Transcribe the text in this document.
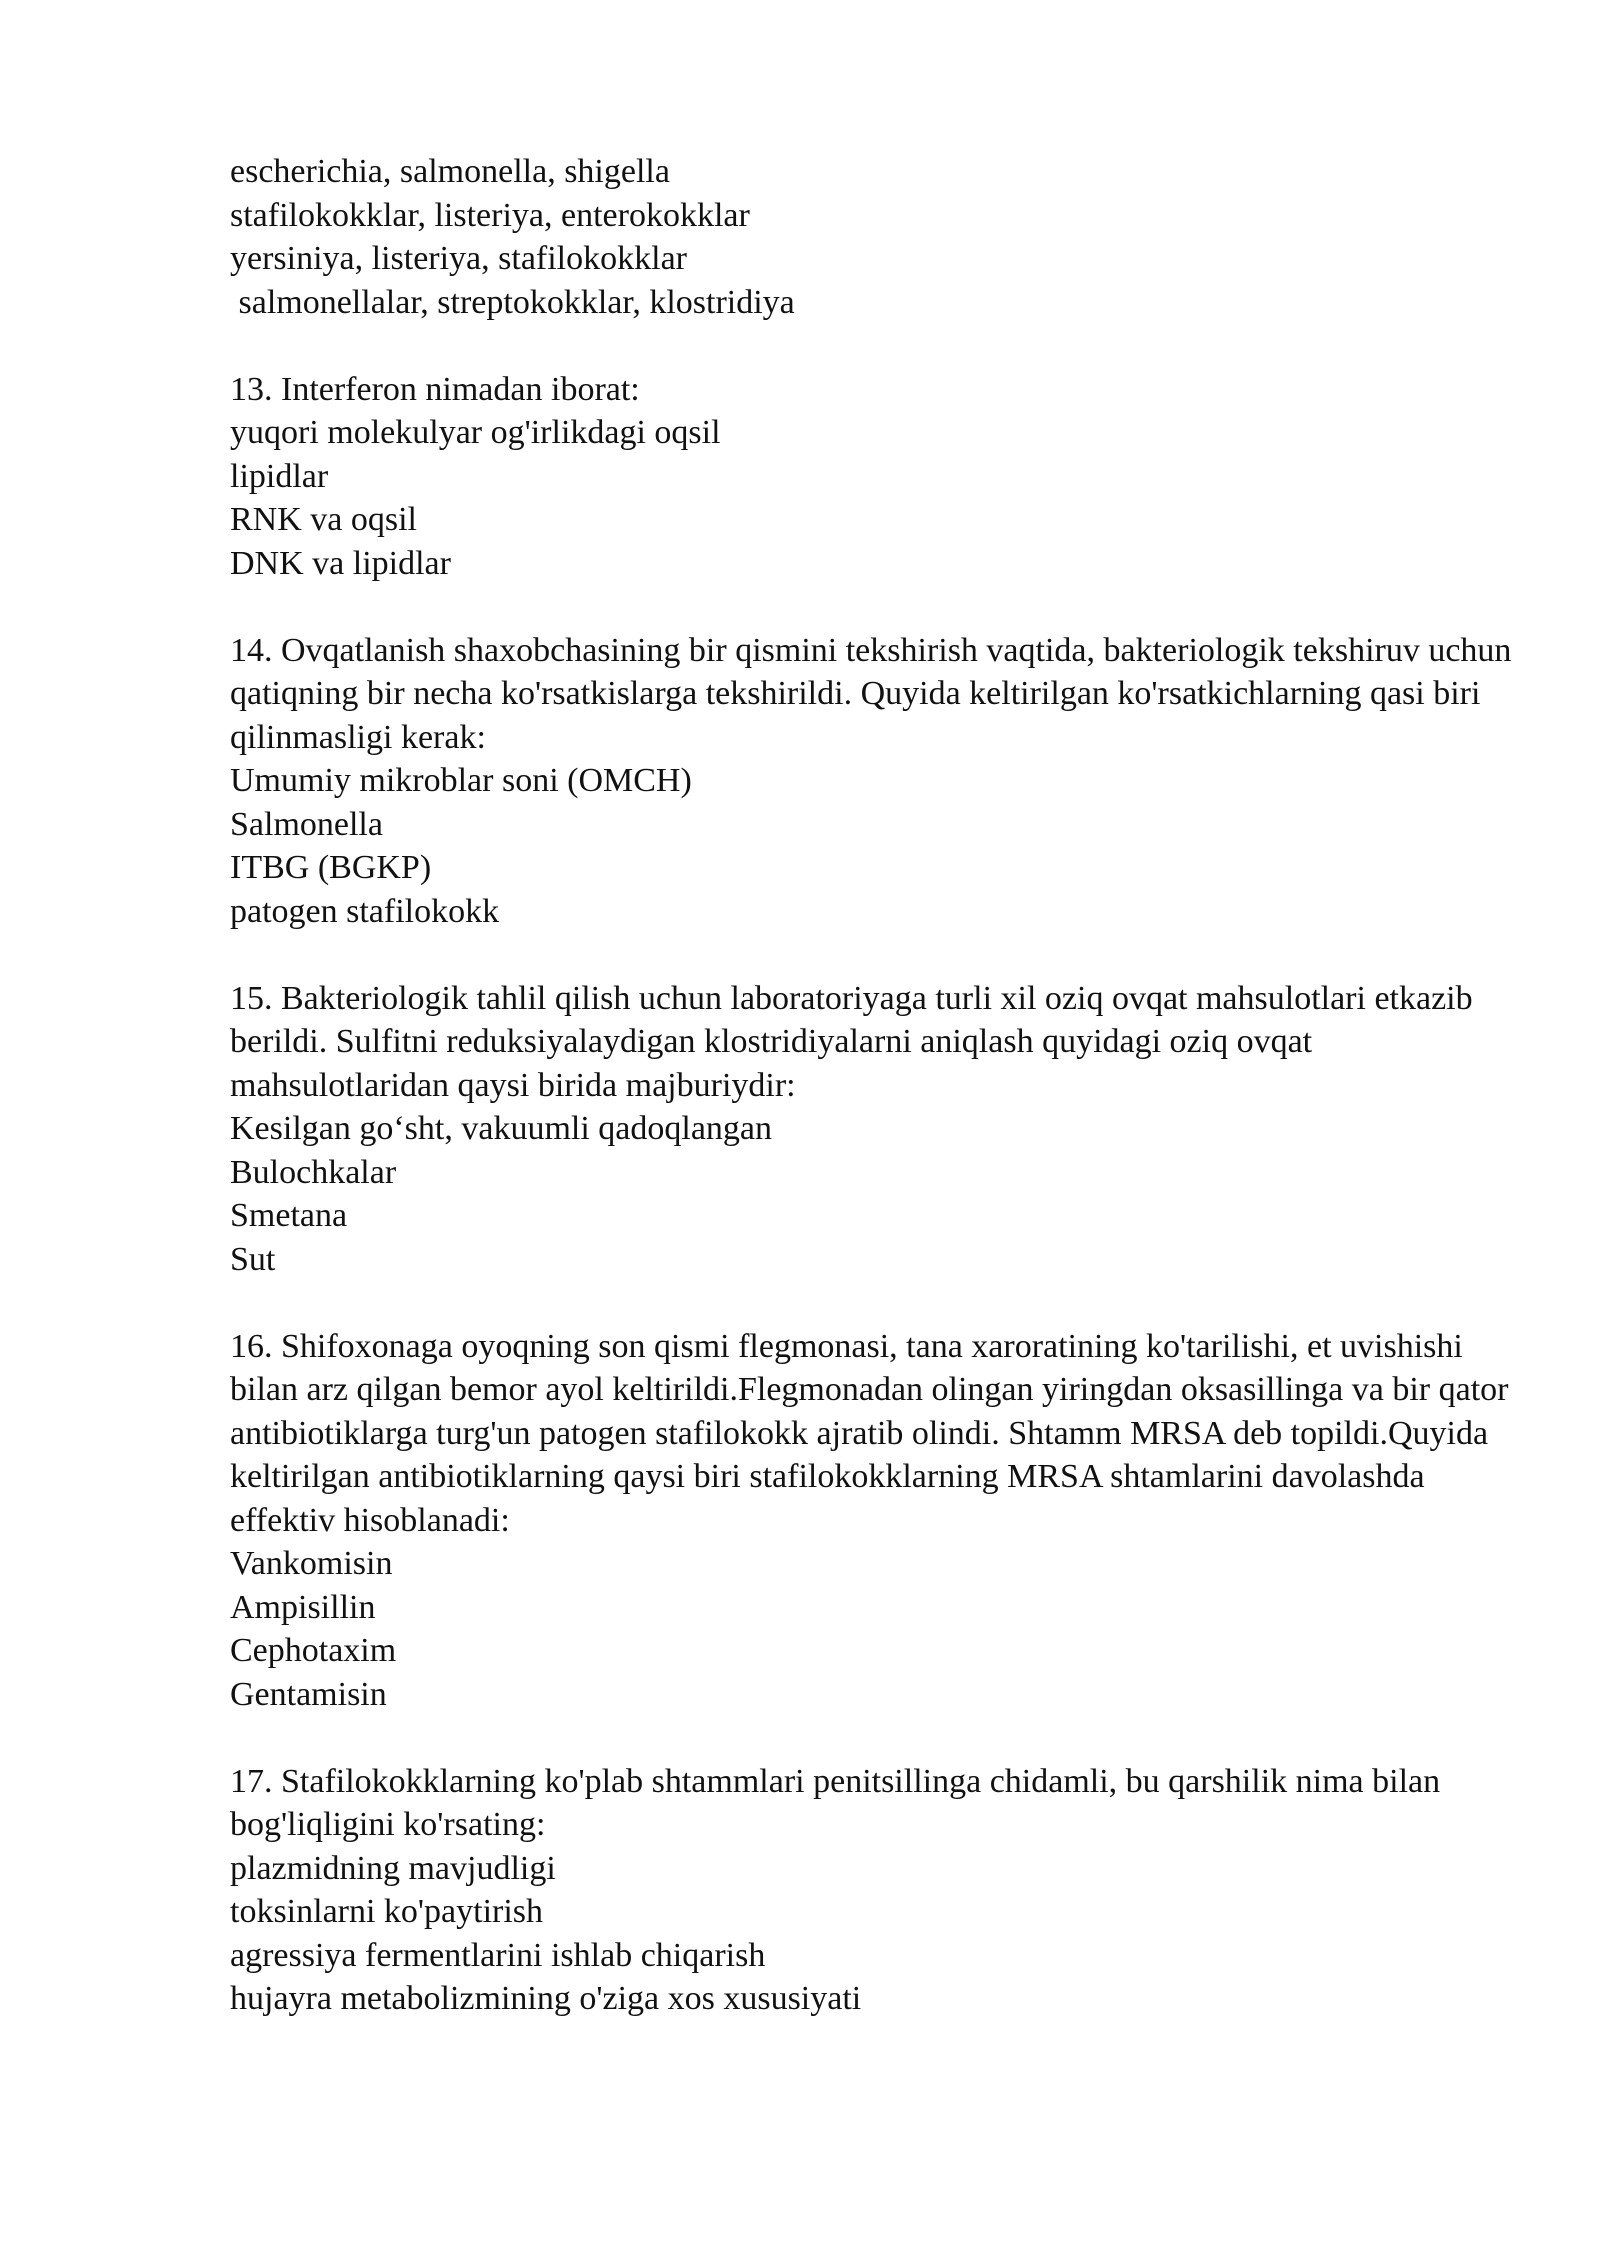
escherichia, salmonella, shigella
stafilokokklar, listeriya, enterokokklar
yersiniya, listeriya, stafilokokklar
salmonellalar, streptokokklar, klostridiya
13. Interferon nimadan iborat:
yuqori molekulyar og'irlikdagi oqsil
lipidlar
RNK va oqsil
DNK va lipidlar
14. Ovqatlanish shaxobchasining bir qismini tekshirish vaqtida, bakteriologik tekshiruv uchun qatiqning bir necha ko'rsatkislarga tekshirildi. Quyida keltirilgan ko'rsatkichlarning qasi biri qilinmasligi kerak:
Umumiy mikroblar soni (OMCH)
Salmonella
ITBG (BGKP)
patogen stafilokokk
15. Bakteriologik tahlil qilish uchun laboratoriyaga turli xil oziq ovqat mahsulotlari etkazib berildi. Sulfitni reduksiyalaydigan klostridiyalarni aniqlash quyidagi oziq ovqat mahsulotlaridan qaysi birida majburiydir:
Kesilgan go‘sht, vakuumli qadoqlangan
Bulochkalar
Smetana
Sut
16. Shifoxonaga oyoqning son qismi flegmonasi, tana xaroratining ko'tarilishi, et uvishishi bilan arz qilgan bemor ayol keltirildi.Flegmonadan olingan yiringdan oksasillinga va bir qator antibiotiklarga turg'un patogen stafilokokk ajratib olindi. Shtamm MRSA deb topildi.Quyida keltirilgan antibiotiklarning qaysi biri stafilokokklarning MRSA shtamlarini davolashda effektiv hisoblanadi:
Vankomisin
Ampisillin
Cephotaxim
Gentamisin
17. Stafilokokklarning ko'plab shtammlari penitsillinga chidamli, bu qarshilik nima bilan bog'liqligini ko'rsating:
plazmidning mavjudligi
toksinlarni ko'paytirish
agressiya fermentlarini ishlab chiqarish
hujayra metabolizmining o'ziga xos xususiyati
